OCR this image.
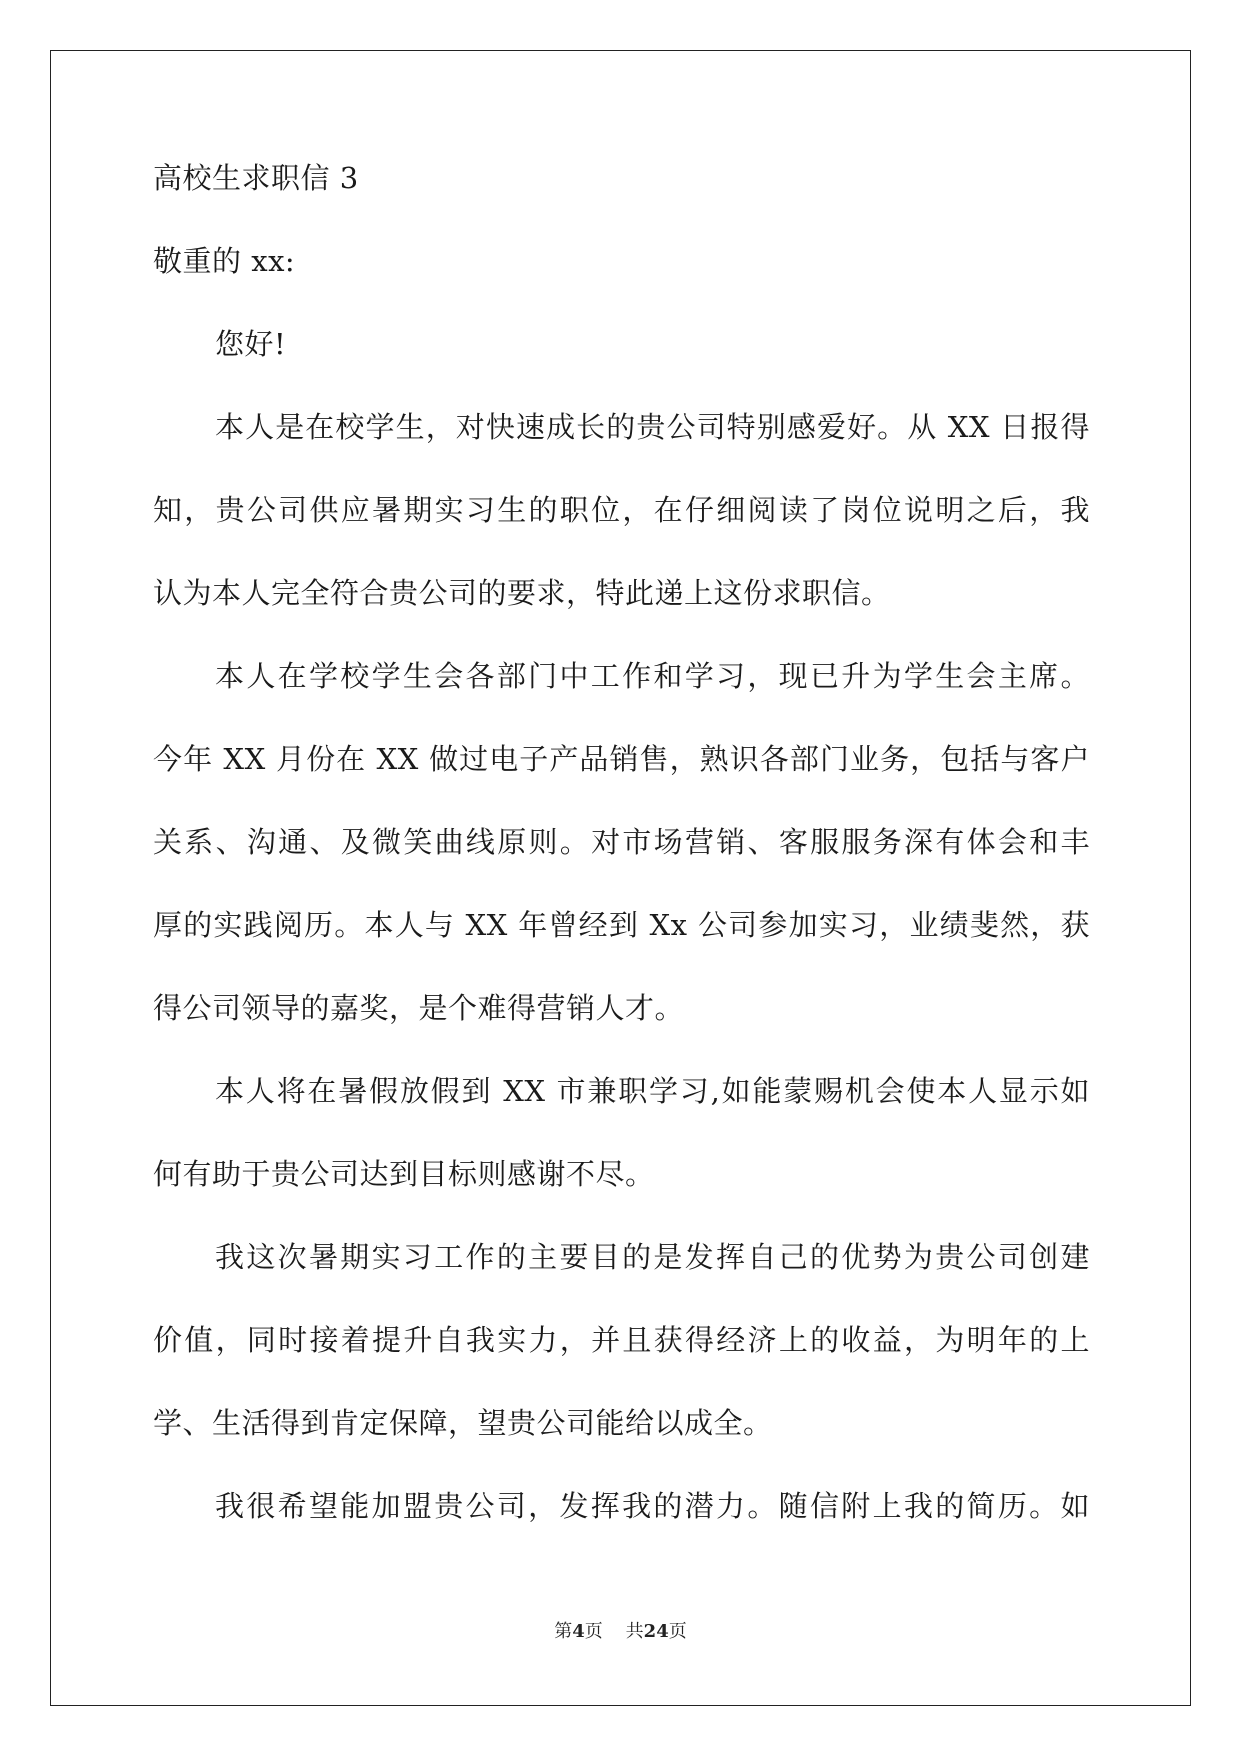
高校生求职信 3
敬重的 xx:
您好!
本人是在校学生，对快速成长的贵公司特别感爱好。从 XX 日报得
知，贵公司供应暑期实习生的职位，在仔细阅读了岗位说明之后，我
认为本人完全符合贵公司的要求，特此递上这份求职信。
本人在学校学生会各部门中工作和学习，现已升为学生会主席。
今年 XX 月份在 XX 做过电子产品销售，熟识各部门业务，包括与客户
关系、沟通、及微笑曲线原则。对市场营销、客服服务深有体会和丰
厚的实践阅历。本人与 XX 年曾经到 Xx 公司参加实习，业绩斐然，获
得公司领导的嘉奖，是个难得营销人才。
本人将在暑假放假到 XX 市兼职学习,如能蒙赐机会使本人显示如
何有助于贵公司达到目标则感谢不尽。
我这次暑期实习工作的主要目的是发挥自己的优势为贵公司创建
价值，同时接着提升自我实力，并且获得经济上的收益，为明年的上
学、生活得到肯定保障，望贵公司能给以成全。
我很希望能加盟贵公司，发挥我的潜力。随信附上我的简历。如
第4页    共24页
